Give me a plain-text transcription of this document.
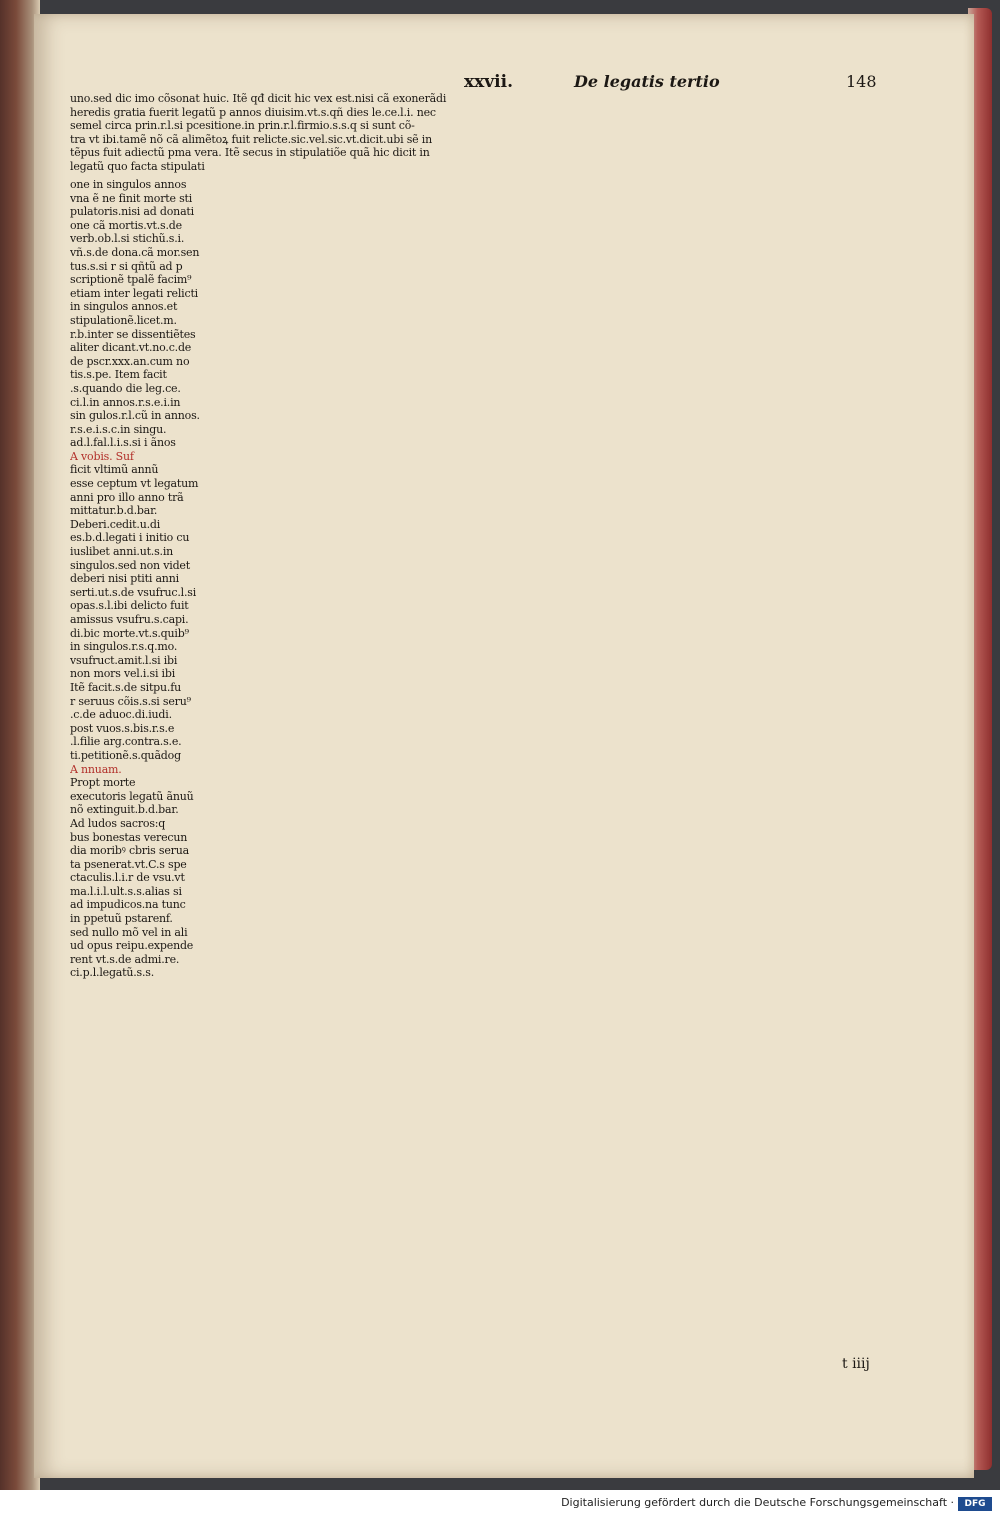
xxvii.	De legatis tertio	148

uno.sed dic imo cõsonat huic. Itẽ qđ dicit hic vex est.nisi cã exonerãdi

heredis gratia fuerit legatũ p annos diuisim.vt.s.qñ dies le.ce.l.i. nec

semel circa prin.r.l.si pcesitione.in prin.r.l.firmio.s.s.q si sunt cõ-

tra vt ibi.tamẽ nõ cã alimẽtoꝝ fuit relicte.sic.vel.sic.vt.dicit.ubi sẽ in

tẽpus fuit adiectũ pma vera. Itẽ secus in stipulatiõe quã hic dicit in

legatũ quo facta stipulati

one in singulos annos

vna ẽ ne finit morte sti

pulatoris.nisi ad donati

one cã mortis.vt.s.de

verb.ob.l.si stichũ.s.i.

vñ.s.de dona.cã mor.sen

tus.s.si r si qñtũ ad p

scriptionẽ tpalẽ facim⁹

etiam inter legati relicti

in singulos annos.et

stipulationẽ.licet.m.

r.b.inter se dissentiẽtes

aliter dicant.vt.no.c.de

de pscr.xxx.an.cum no

tis.s.pe. Item facit

.s.quando die leg.ce.

ci.l.in annos.r.s.e.i.in

sin gulos.r.l.cũ in annos.

r.s.e.i.s.c.in singu.

ad.l.fal.l.i.s.si i ãnos

A vobis. Suf

ficit vltimũ annũ

esse ceptum vt legatum

anni pro illo anno trã

mittatur.b.d.bar.

Deberi.cedit.u.di

es.b.d.legati i initio cu

iuslibet anni.ut.s.in

singulos.sed non videt

deberi nisi ptiti anni

serti.ut.s.de vsufruc.l.si

opas.s.l.ibi delicto fuit

amissus vsufru.s.capi.

di.bic morte.vt.s.quib⁹

in singulos.r.s.q.mo.

vsufruct.amit.l.si ibi

non mors vel.i.si ibi

Itẽ facit.s.de sitpu.fu

r seruus cõis.s.si seru⁹

.c.de aduoc.di.iudi.

post vuos.s.bis.r.s.e

.l.filie arg.contra.s.e.

ti.petitionẽ.s.quãdog

A nnuam.

Propt morte

executoris legatũ ãnuũ

nõ extinguit.b.d.bar.

Ad ludos sacros:q

bus bonestas verecun

dia moribꝰ cbris serua

ta psenerat.vt.C.s spe

ctaculis.l.i.r de vsu.vt

ma.l.i.l.ult.s.s.alias si

ad impudicos.na tunc

in ppetuũ pstarenf.

sed nullo mõ vel in ali

ud opus reipu.expende

rent vt.s.de admi.re.

ci.p.l.legatũ.s.s.

t iiij
Digitalisierung gefördert durch die Deutsche Forschungsgemeinschaft ·	DFG
